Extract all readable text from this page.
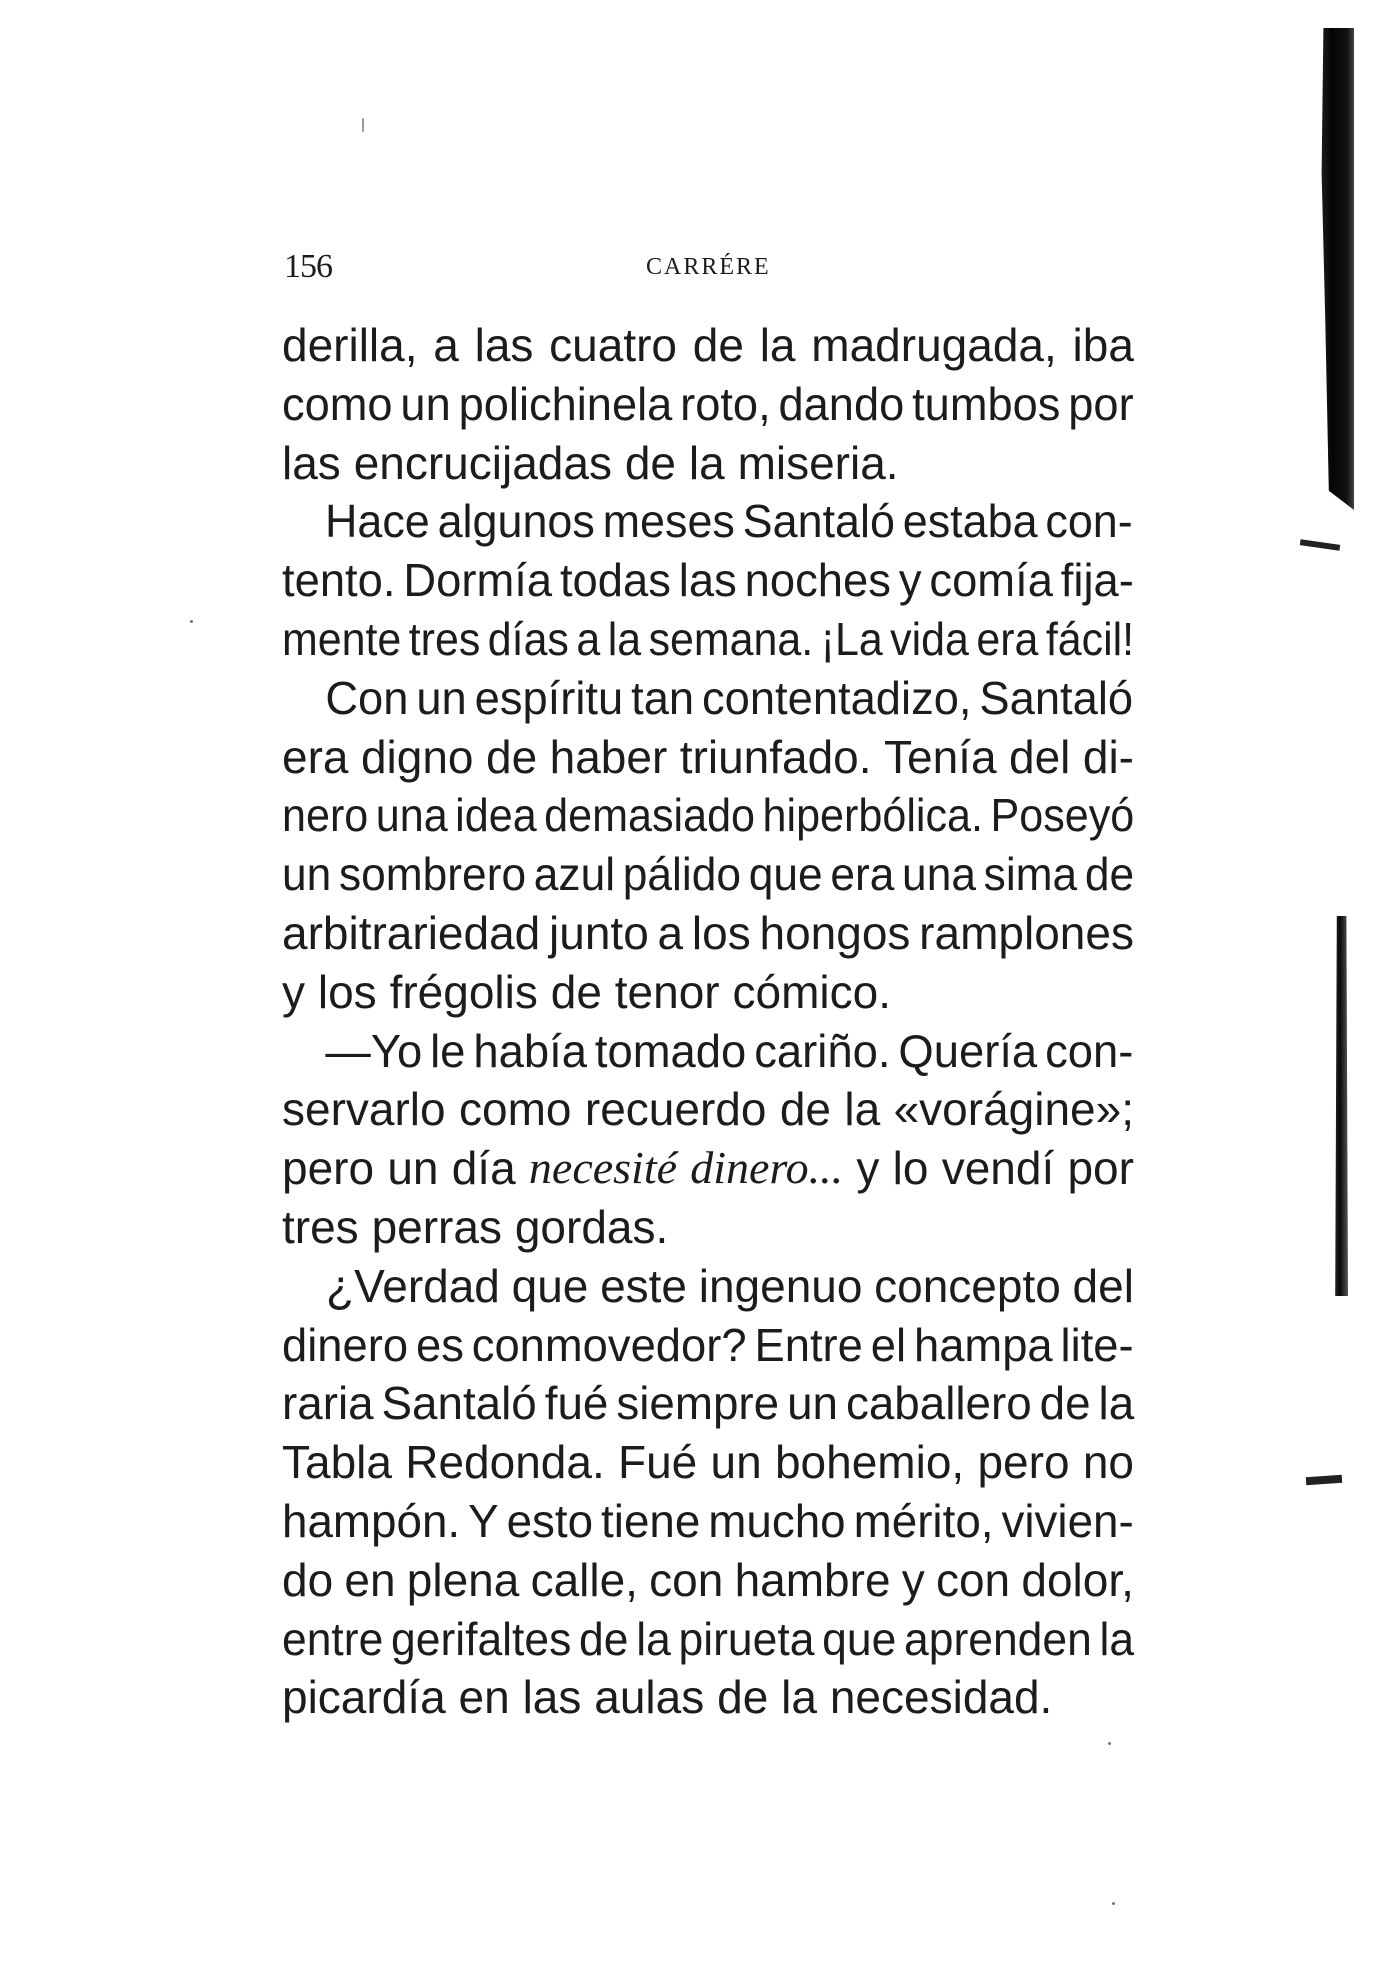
156	CARRÉRE
derilla, a las cuatro de la madrugada, iba
como un polichinela roto, dando tumbos por
las encrucijadas de la miseria.
Hace algunos meses Santaló estaba con-
tento. Dormía todas las noches y comía fija-
mente tres días a la semana. ¡La vida era fácil!
Con un espíritu tan contentadizo, Santaló
era digno de haber triunfado. Tenía del di-
nero una idea demasiado hiperbólica. Poseyó
un sombrero azul pálido que era una sima de
arbitrariedad junto a los hongos ramplones
y los frégolis de tenor cómico.
—Yo le había tomado cariño. Quería con-
servarlo como recuerdo de la «vorágine»;
pero un día necesité dinero... y lo vendí por
tres perras gordas.
¿Verdad que este ingenuo concepto del
dinero es conmovedor? Entre el hampa lite-
raria Santaló fué siempre un caballero de la
Tabla Redonda. Fué un bohemio, pero no
hampón. Y esto tiene mucho mérito, vivien-
do en plena calle, con hambre y con dolor,
entre gerifaltes de la pirueta que aprenden la
picardía en las aulas de la necesidad.
